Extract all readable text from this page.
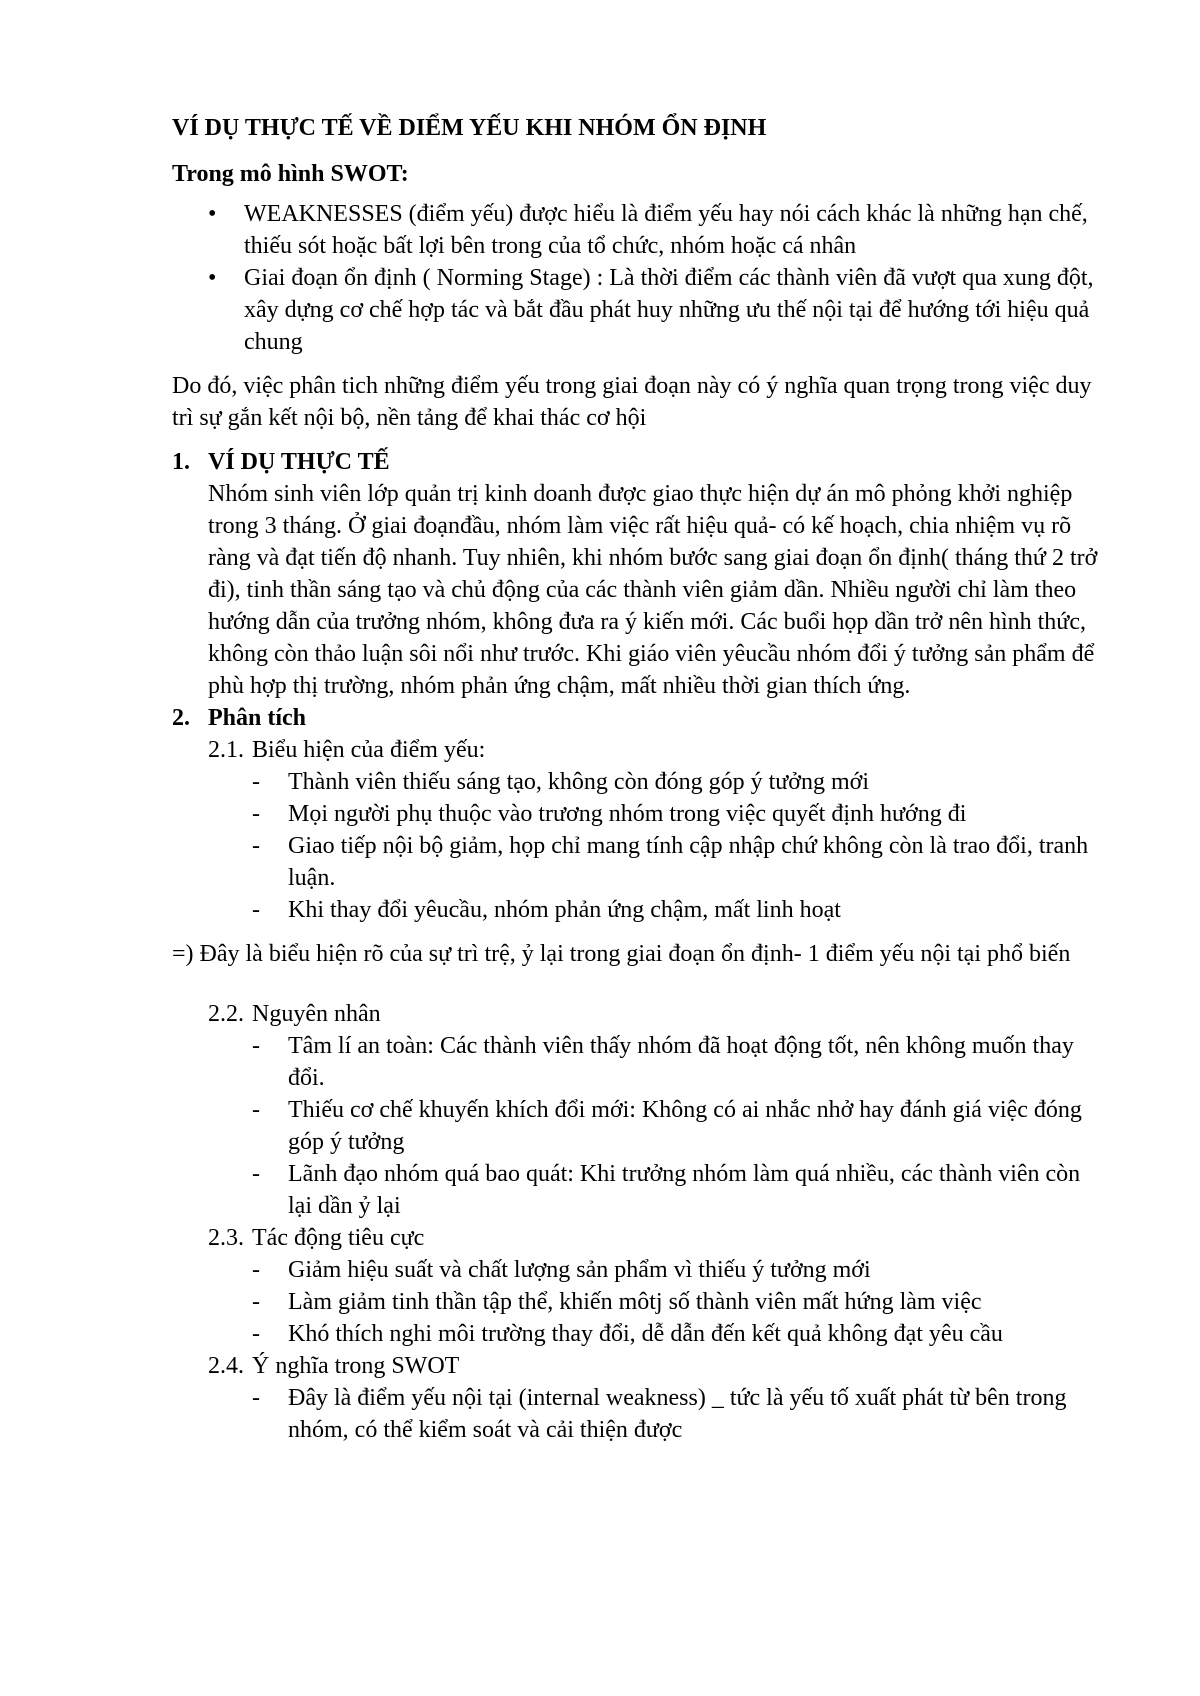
VÍ DỤ THỰC TẾ VỀ DIỂM YẾU KHI NHÓM ỔN ĐỊNH
Trong mô hình SWOT:
• WEAKNESSES (điểm yếu) được hiểu là điểm yếu hay nói cách khác là những hạn chế, thiếu sót hoặc bất lợi bên trong của tổ chức, nhóm hoặc cá nhân
• Giai đoạn ổn định ( Norming Stage) : Là thời điểm các thành viên đã vượt qua xung đột, xây dựng cơ chế hợp tác và bắt đầu phát huy những ưu thế nội tại để hướng tới hiệu quả chung

Do đó, việc phân tich những điểm yếu trong giai đoạn này có ý nghĩa quan trọng trong việc duy trì sự gắn kết nội bộ, nền tảng để khai thác cơ hội

1. VÍ DỤ THỰC TẾ
Nhóm sinh viên lớp quản trị kinh doanh được giao thực hiện dự án mô phỏng khởi nghiệp trong 3 tháng. Ở giai đoạnđầu, nhóm làm việc rất hiệu quả- có kế hoạch, chia nhiệm vụ rõ ràng và đạt tiến độ nhanh. Tuy nhiên, khi nhóm bước sang giai đoạn ổn định( tháng thứ 2 trở đi), tinh thần sáng tạo và chủ động của các thành viên giảm dần. Nhiều người chỉ làm theo hướng dẫn của trưởng nhóm, không đưa ra ý kiến mới. Các buổi họp dần trở nên hình thức, không còn thảo luận sôi nổi như trước. Khi giáo viên yêucầu nhóm đổi ý tưởng sản phẩm để phù hợp thị trường, nhóm phản ứng chậm, mất nhiều thời gian thích ứng.
2. Phân tích
2.1. Biểu hiện của điểm yếu:
- Thành viên thiếu sáng tạo, không còn đóng góp ý tưởng mới
- Mọi người phụ thuộc vào trương nhóm trong việc quyết định hướng đi
- Giao tiếp nội bộ giảm, họp chỉ mang tính cập nhập chứ không còn là trao đổi, tranh luận.
- Khi thay đổi yêucầu, nhóm phản ứng chậm, mất linh hoạt

=) Đây là biểu hiện rõ của sự trì trệ, ỷ lại trong giai đoạn ổn định- 1 điểm yếu nội tại phổ biến

2.2. Nguyên nhân
- Tâm lí an toàn: Các thành viên thấy nhóm đã hoạt động tốt, nên không muốn thay đổi.
- Thiếu cơ chế khuyến khích đổi mới: Không có ai nhắc nhở hay đánh giá việc đóng góp ý tưởng
- Lãnh đạo nhóm quá bao quát: Khi trưởng nhóm làm quá nhiều, các thành viên còn lại dần ỷ lại
2.3. Tác động tiêu cực
- Giảm hiệu suất và chất lượng sản phẩm vì thiếu ý tưởng mới
- Làm giảm tinh thần tập thể, khiến môtj số thành viên mất hứng làm việc
- Khó thích nghi môi trường thay đổi, dễ dẫn đến kết quả không đạt yêu cầu
2.4. Ý nghĩa trong SWOT
- Đây là điểm yếu nội tại (internal weakness) _ tức là yếu tố xuất phát từ bên trong nhóm, có thể kiểm soát và cải thiện được
